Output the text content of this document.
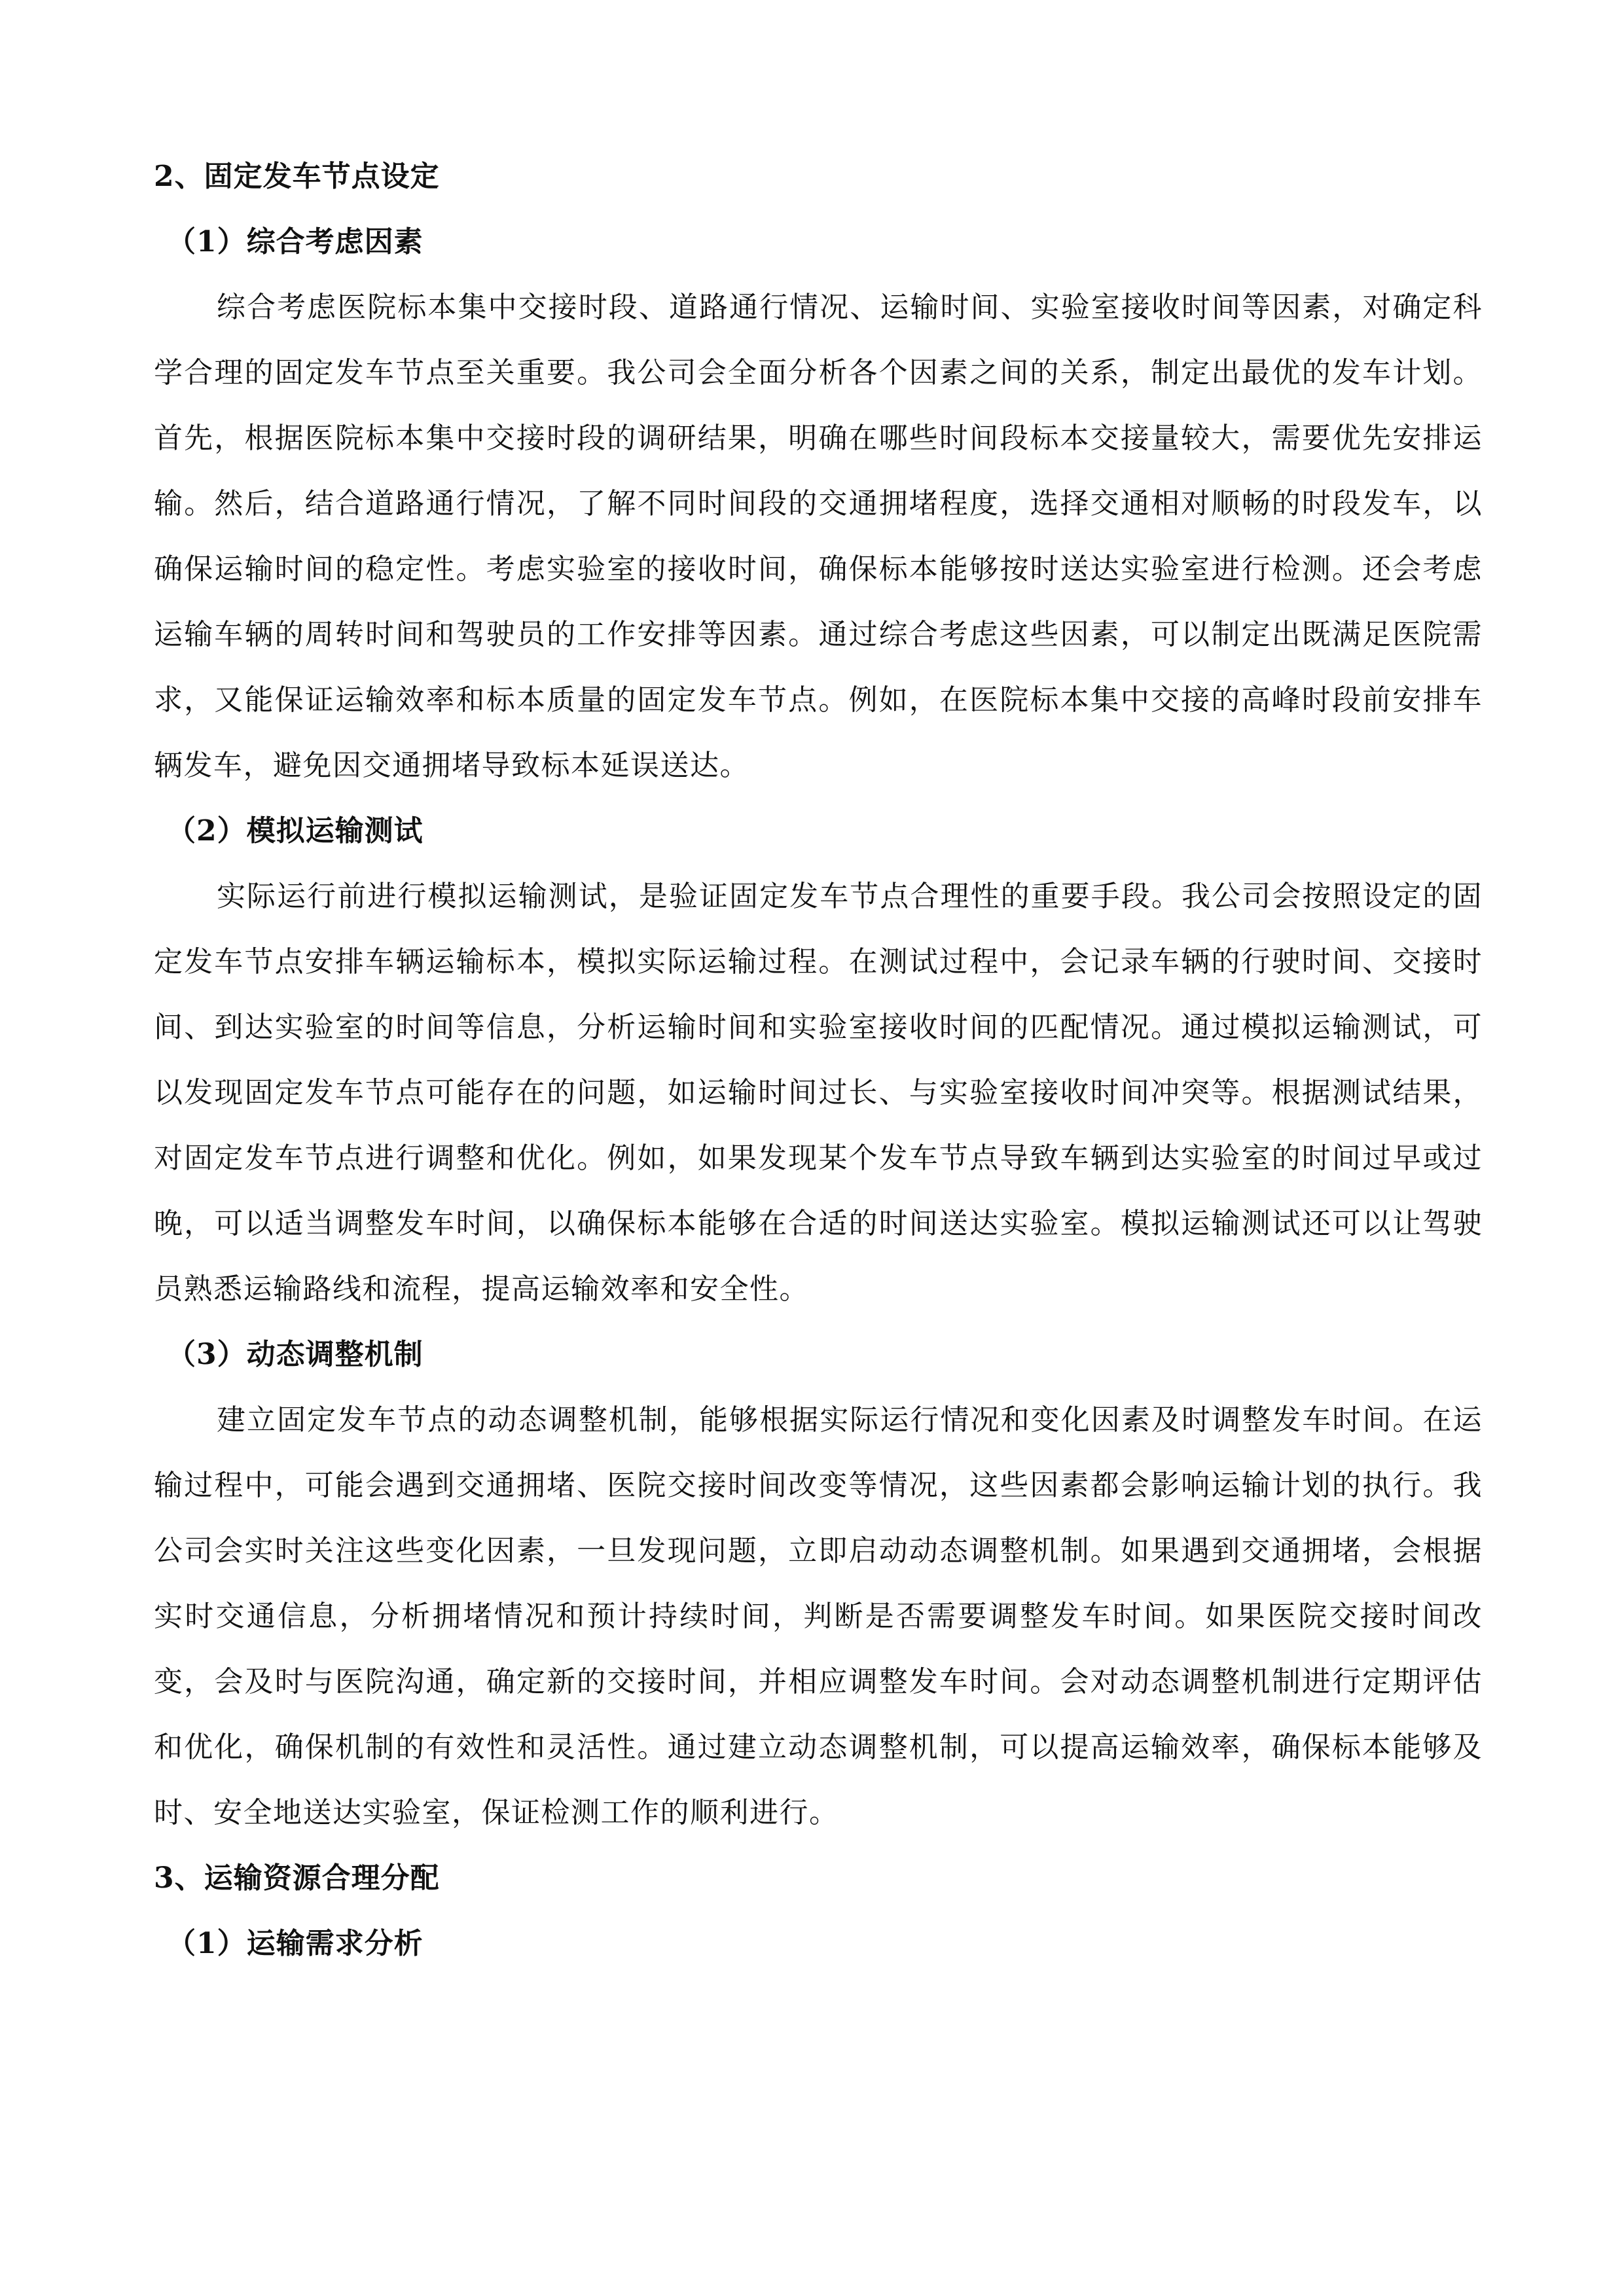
2、固定发车节点设定
（1）综合考虑因素

综合考虑医院标本集中交接时段、道路通行情况、运输时间、实验室接收时间等因素，对确定科学合理的固定发车节点至关重要。我公司会全面分析各个因素之间的关系，制定出最优的发车计划。首先，根据医院标本集中交接时段的调研结果，明确在哪些时间段标本交接量较大，需要优先安排运输。然后，结合道路通行情况，了解不同时间段的交通拥堵程度，选择交通相对顺畅的时段发车，以确保运输时间的稳定性。考虑实验室的接收时间，确保标本能够按时送达实验室进行检测。还会考虑运输车辆的周转时间和驾驶员的工作安排等因素。通过综合考虑这些因素，可以制定出既满足医院需求，又能保证运输效率和标本质量的固定发车节点。例如，在医院标本集中交接的高峰时段前安排车辆发车，避免因交通拥堵导致标本延误送达。

（2）模拟运输测试

实际运行前进行模拟运输测试，是验证固定发车节点合理性的重要手段。我公司会按照设定的固定发车节点安排车辆运输标本，模拟实际运输过程。在测试过程中，会记录车辆的行驶时间、交接时间、到达实验室的时间等信息，分析运输时间和实验室接收时间的匹配情况。通过模拟运输测试，可以发现固定发车节点可能存在的问题，如运输时间过长、与实验室接收时间冲突等。根据测试结果，对固定发车节点进行调整和优化。例如，如果发现某个发车节点导致车辆到达实验室的时间过早或过晚，可以适当调整发车时间，以确保标本能够在合适的时间送达实验室。模拟运输测试还可以让驾驶员熟悉运输路线和流程，提高运输效率和安全性。

（3）动态调整机制

建立固定发车节点的动态调整机制，能够根据实际运行情况和变化因素及时调整发车时间。在运输过程中，可能会遇到交通拥堵、医院交接时间改变等情况，这些因素都会影响运输计划的执行。我公司会实时关注这些变化因素，一旦发现问题，立即启动动态调整机制。如果遇到交通拥堵，会根据实时交通信息，分析拥堵情况和预计持续时间，判断是否需要调整发车时间。如果医院交接时间改变，会及时与医院沟通，确定新的交接时间，并相应调整发车时间。会对动态调整机制进行定期评估和优化，确保机制的有效性和灵活性。通过建立动态调整机制，可以提高运输效率，确保标本能够及时、安全地送达实验室，保证检测工作的顺利进行。

3、运输资源合理分配
（1）运输需求分析
